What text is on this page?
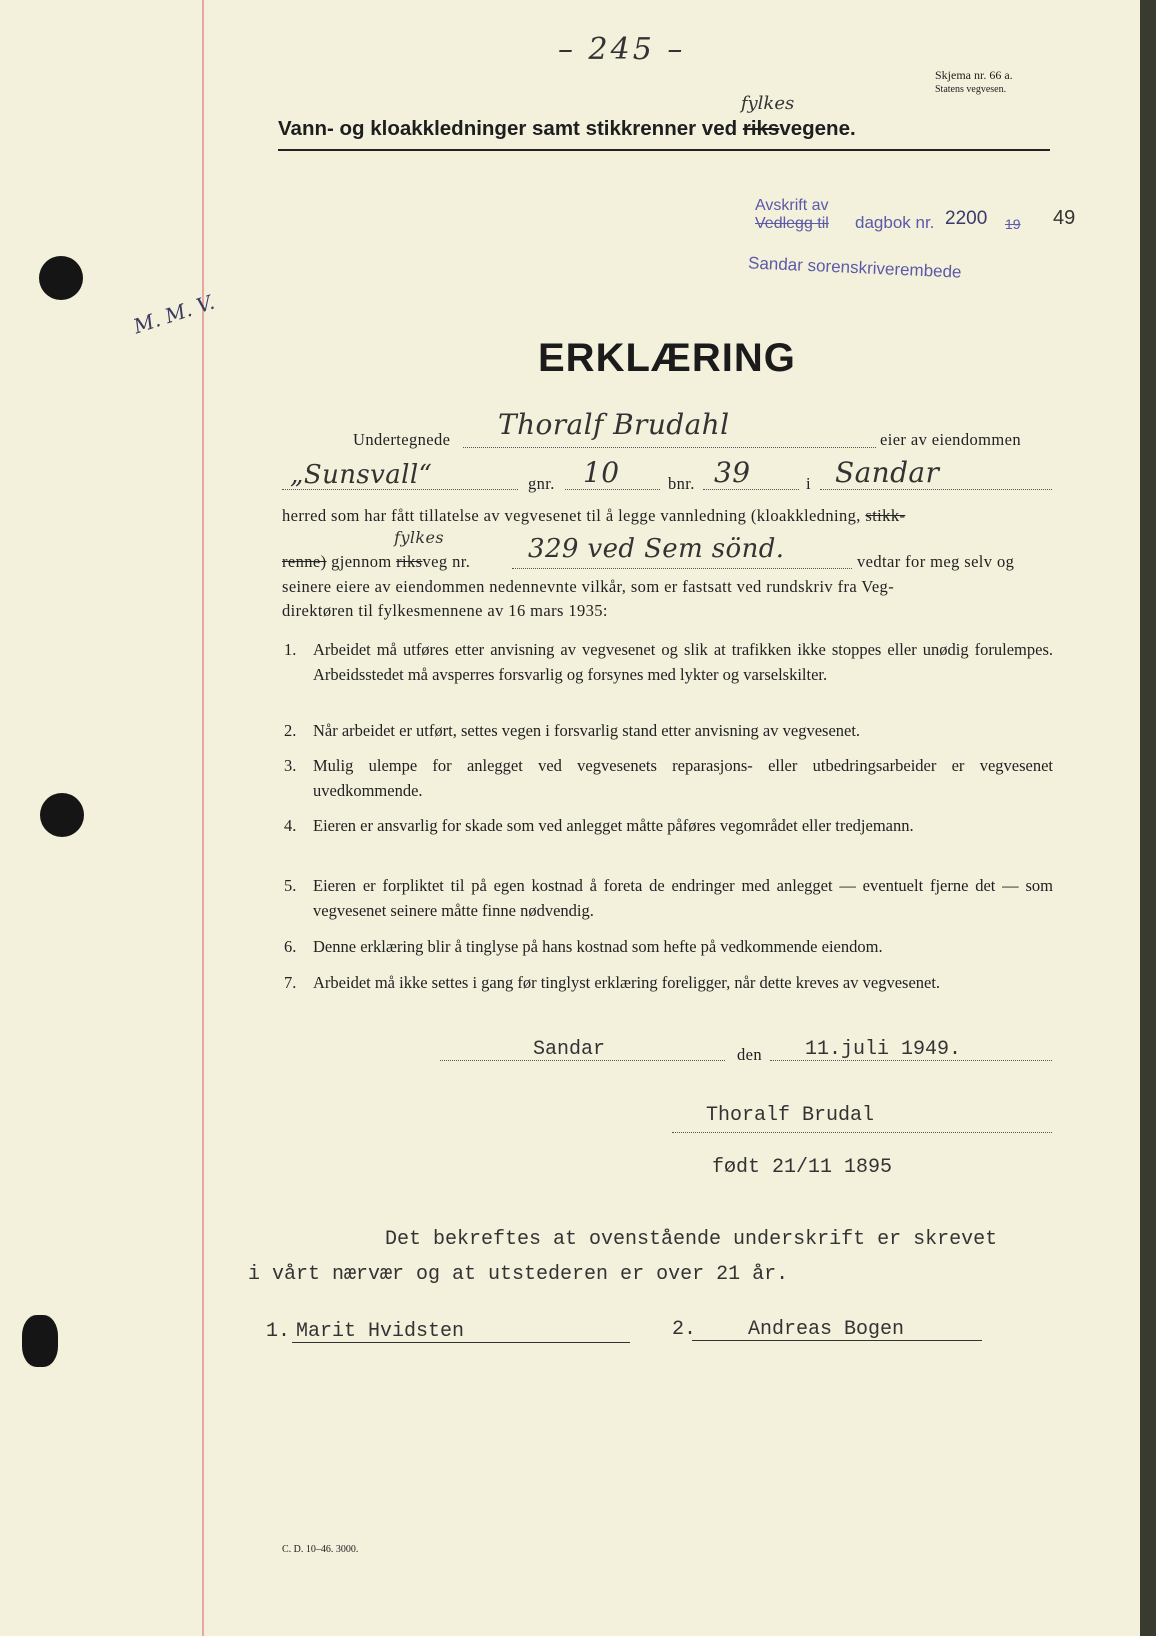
– 245 –
Skjema nr. 66 a.
Statens vegvesen.
Vann- og kloakkledninger samt stikkrenner ved
fylkes
riksvegene.
Avskrift av
Vedlegg til dagbok nr. 2200 19 49
Sandar sorenskriverembede
M. M. V.
ERKLÆRING
Undertegnede Thoralf Brudahl	eier av eiendommen
„Sunsvall“	gnr. 10	bnr. 39	i Sandar
herred som har fått tillatelse av vegvesenet til å legge vannledning (kloakkledning, stikk-
renne) gjennom
fylkes
riksveg nr. 329 ved Sem sönd.	vedtar for meg selv og
seinere eiere av eiendommen nedennevnte vilkår, som er fastsatt ved rundskriv fra Veg-
direktøren til fylkesmennene av 16 mars 1935:
1. Arbeidet må utføres etter anvisning av vegvesenet og slik at trafikken ikke stoppes eller unødig forulempes. Arbeidsstedet må avsperres forsvarlig og forsynes med lykter og varselskilter.
2. Når arbeidet er utført, settes vegen i forsvarlig stand etter anvisning av vegvesenet.
3. Mulig ulempe for anlegget ved vegvesenets reparasjons- eller utbedringsarbeider er vegvesenet uvedkommende.
4. Eieren er ansvarlig for skade som ved anlegget måtte påføres vegområdet eller tredjemann.
5. Eieren er forpliktet til på egen kostnad å foreta de endringer med anlegget — eventuelt fjerne det — som vegvesenet seinere måtte finne nødvendig.
6. Denne erklæring blir å tinglyse på hans kostnad som hefte på vedkommende eiendom.
7. Arbeidet må ikke settes i gang før tinglyst erklæring foreligger, når dette kreves av vegvesenet.
Sandar	den 11.juli 1949.
Thoralf Brudal
født 21/11 1895
Det bekreftes at ovenstående underskrift er skrevet
i vårt nærvær og at utstederen er over 21 år.
1. Marit Hvidsten	2.	Andreas Bogen
C. D. 10–46. 3000.
